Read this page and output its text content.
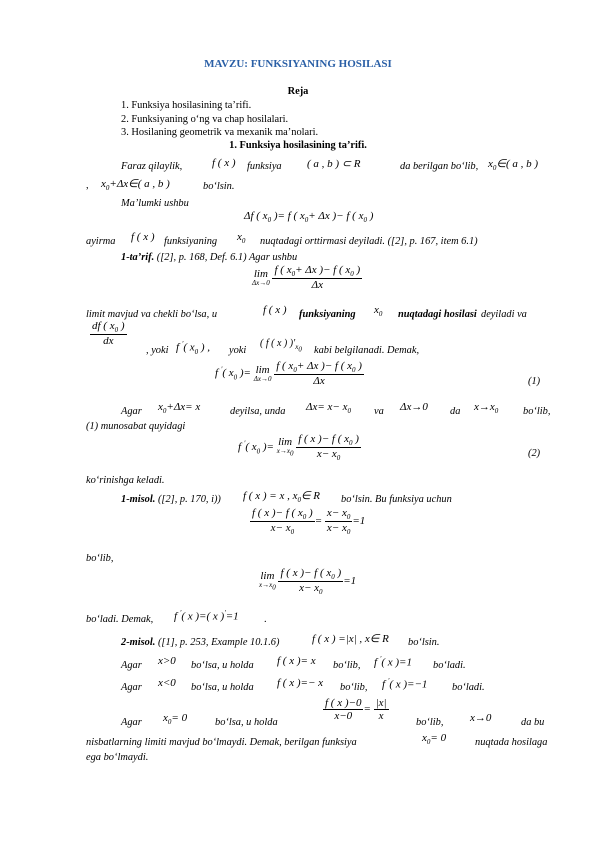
MAVZU: FUNKSIYANING HOSILASI
Reja
1. Funksiya hosilasining ta’rifi.
2. Funksiyaning o‘ng va chap hosilalari.
3. Hosilaning geometrik va mexanik ma’nolari.
1. Funksiya hosilasining ta’rifi.
Faraz qilaylik,	f ( x ) funksiya ( a , b ) ⊂ R	da berilgan bo‘lib, $x_0\in$( a , b )
, $x_0+\Delta x\in$( a , b )	bo‘lsin.
Ma’lumki ushbu
Δf ( $x_0$ )= f ( $x_0+ \Delta x$ )− f ( $x_0$ )
ayirma f ( x ) funksiyaning $x_0$ nuqtadagi orttirmasi deyiladi. ([2], p. 167, item 6.1)
1-ta’rif. ([2], p. 168, Def. 6.1) Agar ushbu
lim
Δx→0
$\frac{f ( x_0+ \Delta x )- f ( x_0 )}{\Delta x}$
limit mavjud va chekli bo‘lsa, u	f ( x ) funksiyaning $x_0$ nuqtadagi hosilasi deyiladi va
$\frac{df ( x_0 )}{dx}$
, yoki f ′( $x_0$ ) , yoki
( f ( x ) )$'_{x_0}$ kabi belgilanadi. Demak,
f ′( $x_0$ )= lim
Δx→0
$\frac{f ( x_0+ \Delta x )- f ( x_0 )}{\Delta x}$	(1)
Agar $x_0+\Delta x= x$	deyilsa, unda $\Delta x= x- x_0$ va Δx→0 da $x\to x_0$ bo‘lib,
(1) munosabat quyidagi
f ′( $x_0$ )= lim
$x\to x_0$
$\frac{f ( x )- f ( x_0 )}{x- x_0}$	(2)
ko‘rinishga keladi.
1-misol. ([2], p. 170, i)) f ( x ) = x , $x_0\in$ R bo‘lsin. Bu funksiya uchun
$\frac{f ( x )- f ( x_0 )}{x- x_0} = \frac{x- x_0}{x- x_0} =1$
bo‘lib,
lim
$x\to x_0$
$\frac{f ( x )- f ( x_0 )}{x- x_0} =1$
bo‘ladi. Demak, f ′( x )=( x )′=1 .
2-misol. ([1], p. 253, Example 10.1.6)	f ( x ) =|x| , x∈ R bo‘lsin.
Agar x>0 bo‘lsa, u holda f ( x )= x bo‘lib, f ′( x )=1 bo‘ladi.
Agar x<0 bo‘lsa, u holda f ( x )=− x bo‘lib, f ′( x )=−1 bo‘ladi.
Agar $x_0= 0$	bo‘lsa, u holda
$\frac{f ( x )-0}{x-0} = \frac{|x|}{x}$
bo‘lib, x→0	da bu
nisbatlarning limiti mavjud bo‘lmaydi. Demak, berilgan funksiya	$x_0= 0$	nuqtada hosilaga
ega bo‘lmaydi.
